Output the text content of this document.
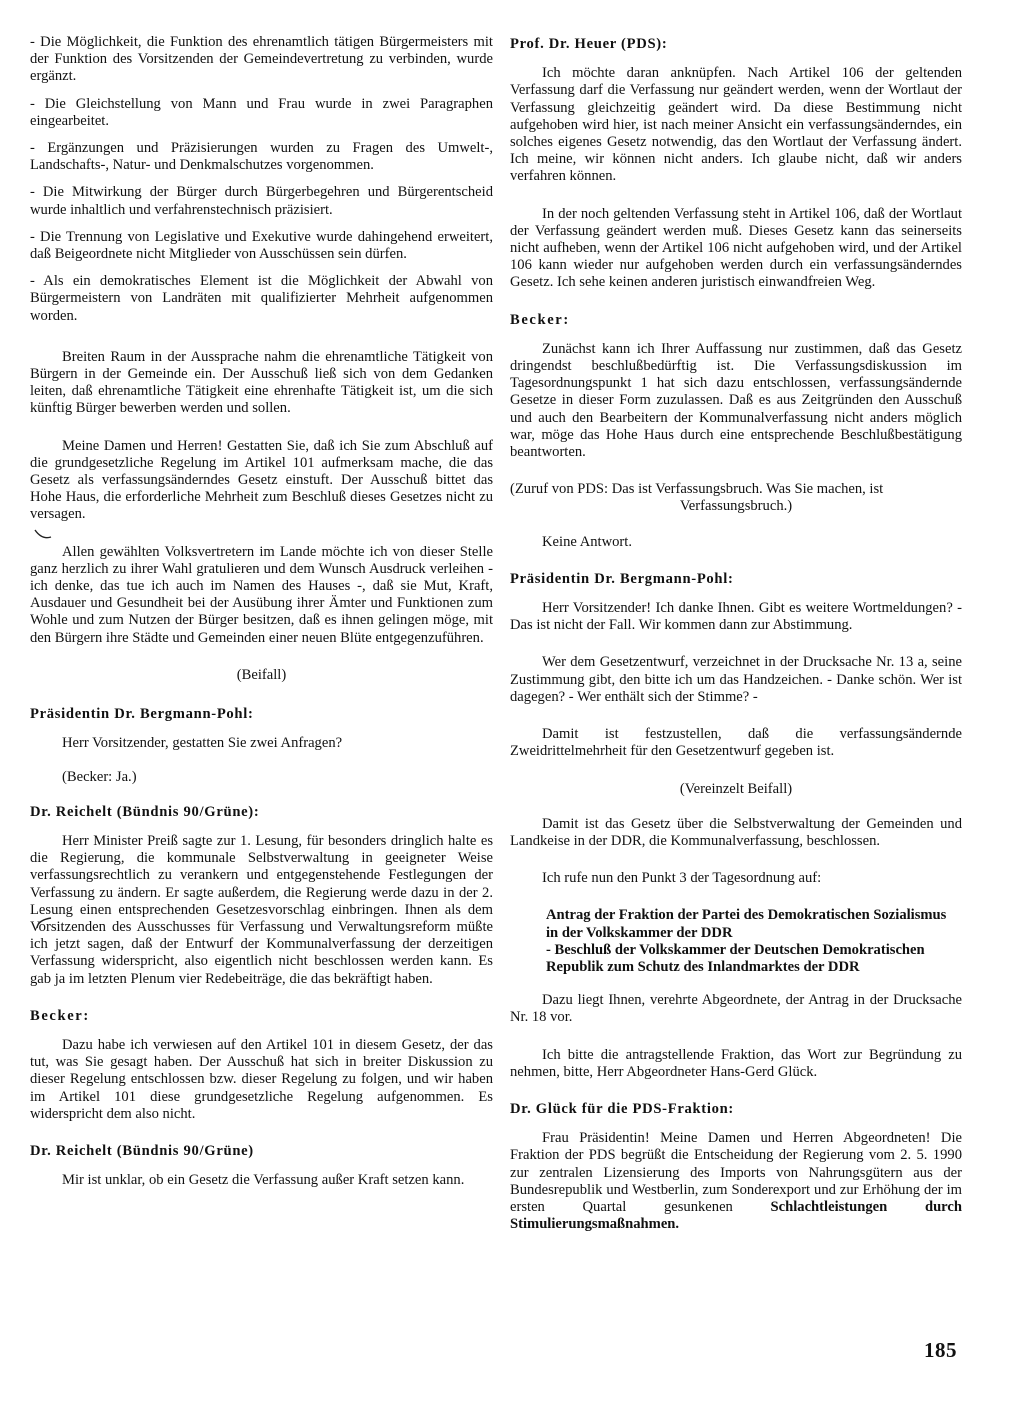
- Die Möglichkeit, die Funktion des ehrenamtlich tätigen Bürgermeisters mit der Funktion des Vorsitzenden der Gemeindevertretung zu verbinden, wurde ergänzt.

- Die Gleichstellung von Mann und Frau wurde in zwei Paragraphen eingearbeitet.

- Ergänzungen und Präzisierungen wurden zu Fragen des Umwelt-, Landschafts-, Natur- und Denkmalschutzes vorgenommen.

- Die Mitwirkung der Bürger durch Bürgerbegehren und Bürgerentscheid wurde inhaltlich und verfahrenstechnisch präzisiert.

- Die Trennung von Legislative und Exekutive wurde dahingehend erweitert, daß Beigeordnete nicht Mitglieder von Ausschüssen sein dürfen.

- Als ein demokratisches Element ist die Möglichkeit der Abwahl von Bürgermeistern von Landräten mit qualifizierter Mehrheit aufgenommen worden.

Breiten Raum in der Aussprache nahm die ehrenamtliche Tätigkeit von Bürgern in der Gemeinde ein. Der Ausschuß ließ sich von dem Gedanken leiten, daß ehrenamtliche Tätigkeit eine ehrenhafte Tätigkeit ist, um die sich künftig Bürger bewerben werden und sollen.

Meine Damen und Herren! Gestatten Sie, daß ich Sie zum Abschluß auf die grundgesetzliche Regelung im Artikel 101 aufmerksam mache, die das Gesetz als verfassungsänderndes Gesetz einstuft. Der Ausschuß bittet das Hohe Haus, die erforderliche Mehrheit zum Beschluß dieses Gesetzes nicht zu versagen.

Allen gewählten Volksvertretern im Lande möchte ich von dieser Stelle ganz herzlich zu ihrer Wahl gratulieren und dem Wunsch Ausdruck verleihen - ich denke, das tue ich auch im Namen des Hauses -, daß sie Mut, Kraft, Ausdauer und Gesundheit bei der Ausübung ihrer Ämter und Funktionen zum Wohle und zum Nutzen der Bürger besitzen, daß es ihnen gelingen möge, mit den Bürgern ihre Städte und Gemeinden einer neuen Blüte entgegenzuführen.

(Beifall)

Präsidentin Dr. Bergmann-Pohl:

Herr Vorsitzender, gestatten Sie zwei Anfragen?

(Becker: Ja.)

Dr. Reichelt (Bündnis 90/Grüne):

Herr Minister Preiß sagte zur 1. Lesung, für besonders dringlich halte es die Regierung, die kommunale Selbstverwaltung in geeigneter Weise verfassungsrechtlich zu verankern und entgegenstehende Festlegungen der Verfassung zu ändern. Er sagte außerdem, die Regierung werde dazu in der 2. Lesung einen entsprechenden Gesetzesvorschlag einbringen. Ihnen als dem Vorsitzenden des Ausschusses für Verfassung und Verwaltungsreform müßte ich jetzt sagen, daß der Entwurf der Kommunalverfassung der derzeitigen Verfassung widerspricht, also eigentlich nicht beschlossen werden kann. Es gab ja im letzten Plenum vier Redebeiträge, die das bekräftigt haben.

Becker:

Dazu habe ich verwiesen auf den Artikel 101 in diesem Gesetz, der das tut, was Sie gesagt haben. Der Ausschuß hat sich in breiter Diskussion zu dieser Regelung entschlossen bzw. dieser Regelung zu folgen, und wir haben im Artikel 101 diese grundgesetzliche Regelung aufgenommen. Es widerspricht dem also nicht.

Dr. Reichelt (Bündnis 90/Grüne)

Mir ist unklar, ob ein Gesetz die Verfassung außer Kraft setzen kann.

Prof. Dr. Heuer (PDS):

Ich möchte daran anknüpfen. Nach Artikel 106 der geltenden Verfassung darf die Verfassung nur geändert werden, wenn der Wortlaut der Verfassung gleichzeitig geändert wird. Da diese Bestimmung nicht aufgehoben wird hier, ist nach meiner Ansicht ein verfassungsänderndes, ein solches eigenes Gesetz notwendig, das den Wortlaut der Verfassung ändert. Ich meine, wir können nicht anders. Ich glaube nicht, daß wir anders verfahren können.

In der noch geltenden Verfassung steht in Artikel 106, daß der Wortlaut der Verfassung geändert werden muß. Dieses Gesetz kann das seinerseits nicht aufheben, wenn der Artikel 106 nicht aufgehoben wird, und der Artikel 106 kann wieder nur aufgehoben werden durch ein verfassungsänderndes Gesetz. Ich sehe keinen anderen juristisch einwandfreien Weg.

Becker:

Zunächst kann ich Ihrer Auffassung nur zustimmen, daß das Gesetz dringendst beschlußbedürftig ist. Die Verfassungsdiskussion im Tagesordnungspunkt 1 hat sich dazu entschlossen, verfassungsändernde Gesetze in dieser Form zuzulassen. Daß es aus Zeitgründen den Ausschuß und auch den Bearbeitern der Kommunalverfassung nicht anders möglich war, möge das Hohe Haus durch eine entsprechende Beschlußbestätigung beantworten.

(Zuruf von PDS: Das ist Verfassungsbruch. Was Sie machen, ist
Verfassungsbruch.)

Keine Antwort.

Präsidentin Dr. Bergmann-Pohl:

Herr Vorsitzender! Ich danke Ihnen. Gibt es weitere Wortmeldungen? - Das ist nicht der Fall. Wir kommen dann zur Abstimmung.

Wer dem Gesetzentwurf, verzeichnet in der Drucksache Nr. 13 a, seine Zustimmung gibt, den bitte ich um das Handzeichen. - Danke schön. Wer ist dagegen? - Wer enthält sich der Stimme? -

Damit ist festzustellen, daß die verfassungsändernde Zweidrittelmehrheit für den Gesetzentwurf gegeben ist.

(Vereinzelt Beifall)

Damit ist das Gesetz über die Selbstverwaltung der Gemeinden und Landkeise in der DDR, die Kommunalverfassung, beschlossen.

Ich rufe nun den Punkt 3 der Tagesordnung auf:

Antrag der Fraktion der Partei des Demokratischen Sozialismus in der Volkskammer der DDR
- Beschluß der Volkskammer der Deutschen Demokratischen Republik zum Schutz des Inlandmarktes der DDR

Dazu liegt Ihnen, verehrte Abgeordnete, der Antrag in der Drucksache Nr. 18 vor.

Ich bitte die antragstellende Fraktion, das Wort zur Begründung zu nehmen, bitte, Herr Abgeordneter Hans-Gerd Glück.

Dr. Glück für die PDS-Fraktion:

Frau Präsidentin! Meine Damen und Herren Abgeordneten! Die Fraktion der PDS begrüßt die Entscheidung der Regierung vom 2. 5. 1990 zur zentralen Lizensierung des Imports von Nahrungsgütern aus der Bundesrepublik und Westberlin, zum Sonderexport und zur Erhöhung der im ersten Quartal gesunkenen	Schlachtleistungen durch Stimulierungsmaßnahmen.

185
